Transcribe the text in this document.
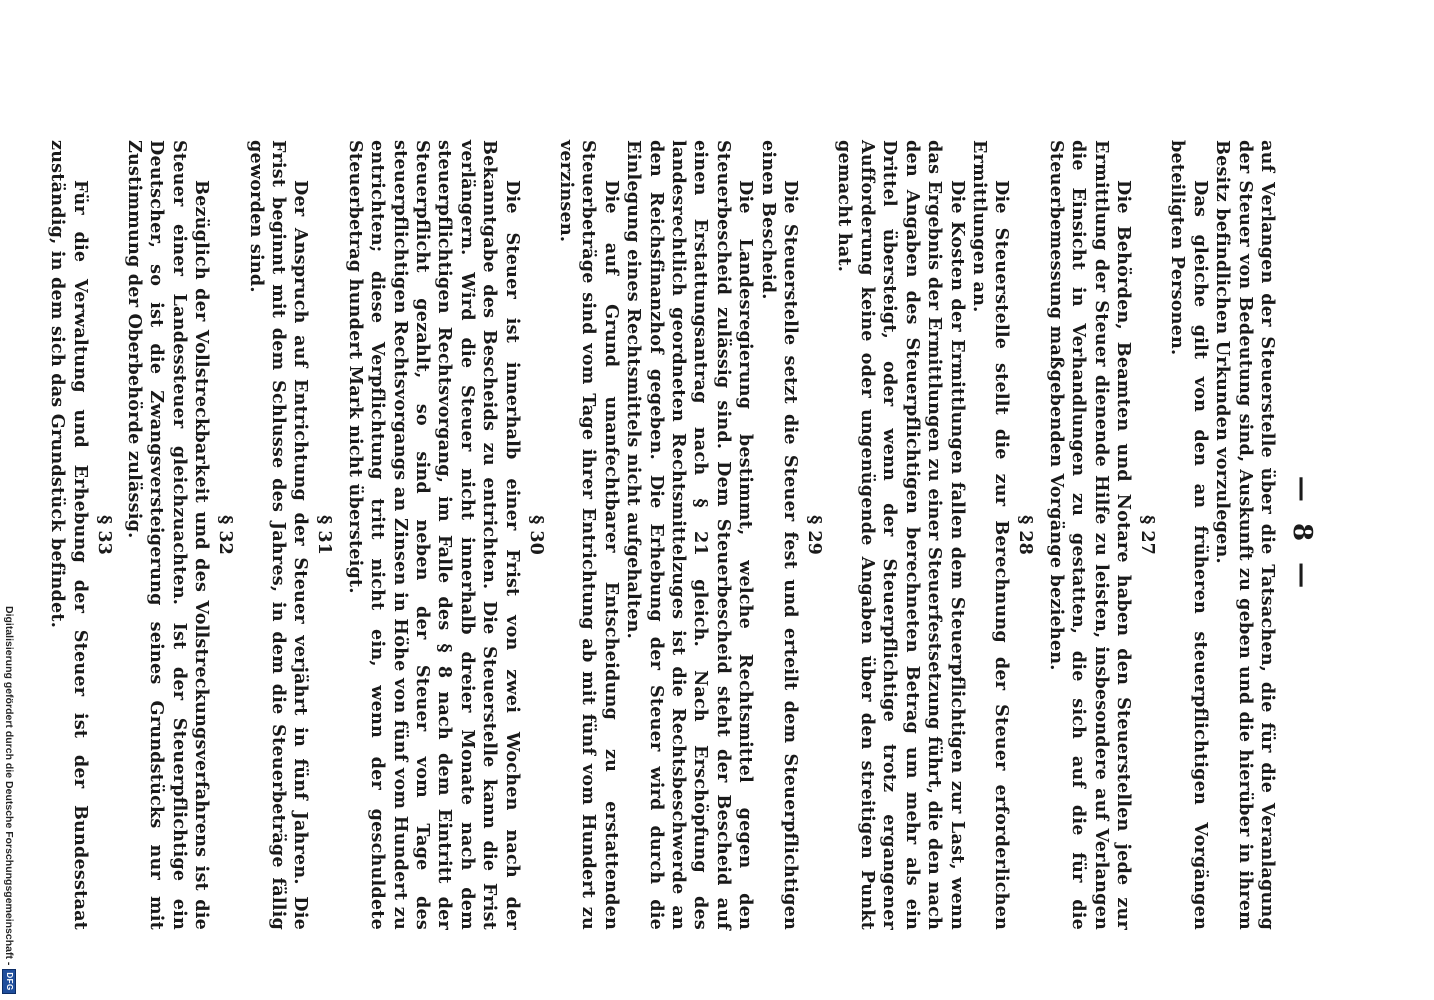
— 8 —

auf Verlangen der Steuerstelle über die Tatsachen, die für die Veranlagung der Steuer von Bedeutung sind, Auskunft zu geben und die hierüber in ihrem Besitz befindlichen Urkunden vorzulegen.

Das gleiche gilt von den an früheren steuerpflichtigen Vorgängen beteiligten Personen.

§ 27

Die Behörden, Beamten und Notare haben den Steuerstellen jede zur Ermittlung der Steuer dienende Hilfe zu leisten, insbesondere auf Verlangen die Einsicht in Verhandlungen zu gestatten, die sich auf die für die Steuerbemessung maßgebenden Vorgänge beziehen.

§ 28

Die Steuerstelle stellt die zur Berechnung der Steuer erforderlichen Ermittlungen an.

Die Kosten der Ermittlungen fallen dem Steuerpflichtigen zur Last, wenn das Ergebnis der Ermittlungen zu einer Steuerfestsetzung führt, die den nach den Angaben des Steuerpflichtigen berechneten Betrag um mehr als ein Drittel übersteigt, oder wenn der Steuerpflichtige trotz ergangener Aufforderung keine oder ungenügende Angaben über den streitigen Punkt gemacht hat.

§ 29

Die Steuerstelle setzt die Steuer fest und erteilt dem Steuerpflichtigen einen Bescheid.

Die Landesregierung bestimmt, welche Rechtsmittel gegen den Steuerbescheid zulässig sind. Dem Steuerbescheid steht der Bescheid auf einen Erstattungsantrag nach § 21 gleich. Nach Erschöpfung des landesrechtlich geordneten Rechtsmittelzuges ist die Rechtsbeschwerde an den Reichsfinanzhof gegeben. Die Erhebung der Steuer wird durch die Einlegung eines Rechtsmittels nicht aufgehalten.

Die auf Grund unanfechtbarer Entscheidung zu erstattenden Steuerbeträge sind vom Tage ihrer Entrichtung ab mit fünf vom Hundert zu verzinsen.

§ 30

Die Steuer ist innerhalb einer Frist von zwei Wochen nach der Bekanntgabe des Bescheids zu entrichten. Die Steuerstelle kann die Frist verlängern. Wird die Steuer nicht innerhalb dreier Monate nach dem steuerpflichtigen Rechtsvorgang, im Falle des § 8 nach dem Eintritt der Steuerpflicht gezahlt, so sind neben der Steuer vom Tage des steuerpflichtigen Rechtsvorgangs an Zinsen in Höhe von fünf vom Hundert zu entrichten; diese Verpflichtung tritt nicht ein, wenn der geschuldete Steuerbetrag hundert Mark nicht übersteigt.

§ 31

Der Anspruch auf Entrichtung der Steuer verjährt in fünf Jahren. Die Frist beginnt mit dem Schlusse des Jahres, in dem die Steuerbeträge fällig geworden sind.

§ 32

Bezüglich der Vollstreckbarkeit und des Vollstreckungsverfahrens ist die Steuer einer Landessteuer gleichzuachten. Ist der Steuerpflichtige ein Deutscher, so ist die Zwangsversteigerung seines Grundstücks nur mit Zustimmung der Oberbehörde zulässig.

§ 33

Für die Verwaltung und Erhebung der Steuer ist der Bundesstaat zuständig, in dem sich das Grundstück befindet.

Digitalisierung gefördert durch die Deutsche Forschungsgemeinschaft -
DFG
